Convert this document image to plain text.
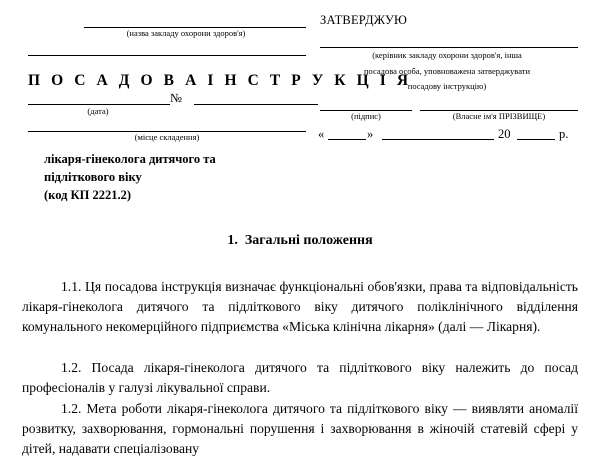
(назва закладу охорони здоров'я)
П О С А Д О В А І Н С Т Р У К Ц І Я
№
(дата)
(місце складення)
лікаря-гінеколога дитячого та
підліткового віку
(код КП 2221.2)
ЗАТВЕРДЖУЮ
(керівник закладу охорони здоров'я, інша
посадова особа, уповноважена затверджувати
посадову інструкцію)
(підпис)	(Власне ім'я ПРІЗВИЩЕ)
«	»	20	р.
1. Загальні положення

1.1. Ця посадова інструкція визначає функціональні обов'язки, права та відповідальність лікаря-гінеколога дитячого та підліткового віку дитячого поліклінічного відділення комунального некомерційного підприємства «Міська клінічна лікарня» (далі — Лікарня).

1.2. Посада лікаря-гінеколога дитячого та підліткового віку належить до посад професіоналів у галузі лікувальної справи.

1.2. Мета роботи лікаря-гінеколога дитячого та підліткового віку — виявляти аномалії розвитку, захворювання, гормональні порушення і захворювання в жіночій статевій сфері у дітей, надавати спеціалізовану
